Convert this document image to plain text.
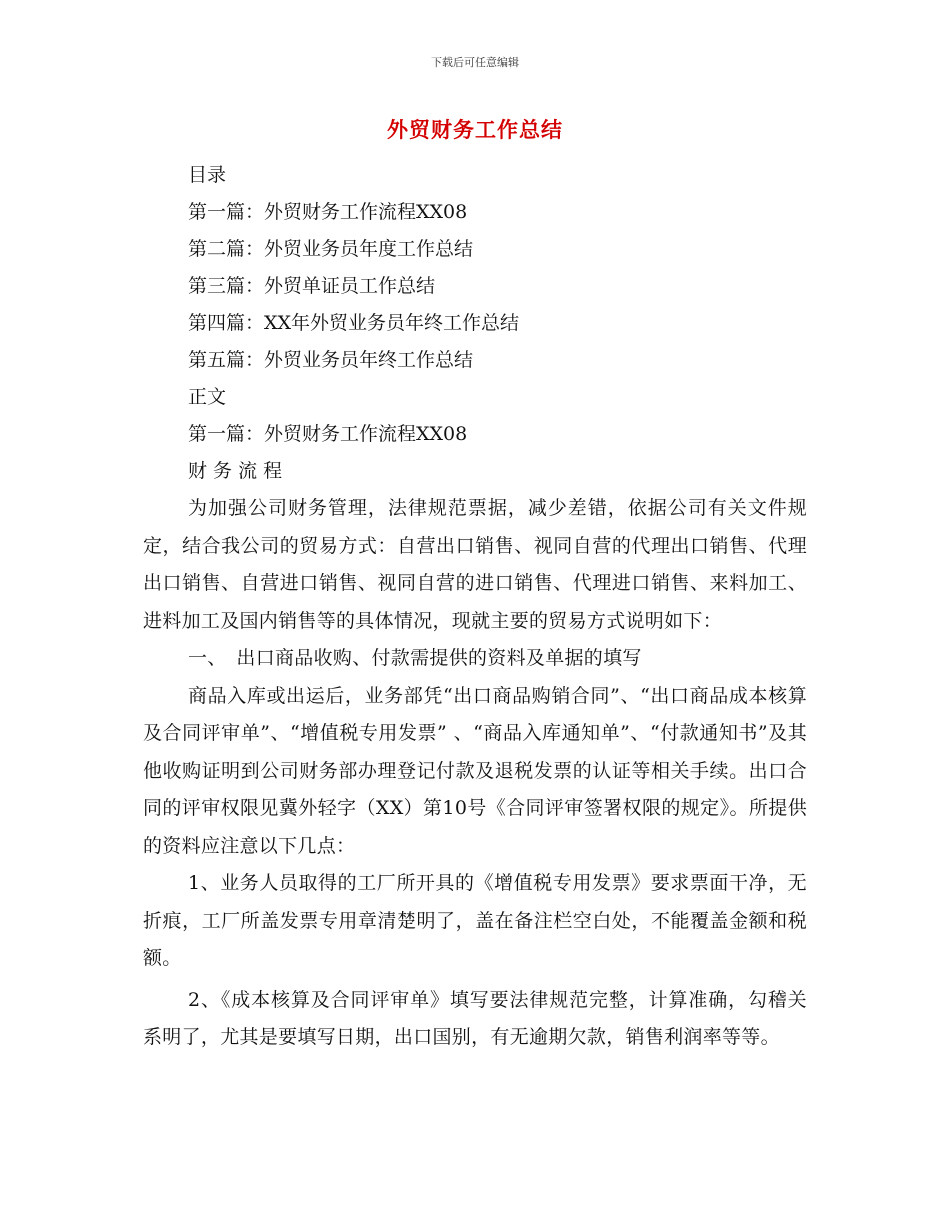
下载后可任意编辑
外贸财务工作总结
目录
第一篇：外贸财务工作流程XX08
第二篇：外贸业务员年度工作总结
第三篇：外贸单证员工作总结
第四篇：XX年外贸业务员年终工作总结
第五篇：外贸业务员年终工作总结
正文
第一篇：外贸财务工作流程XX08
财 务 流 程

为加强公司财务管理，法律规范票据，减少差错，依据公司有关文件规定，结合我公司的贸易方式：自营出口销售、视同自营的代理出口销售、代理出口销售、自营进口销售、视同自营的进口销售、代理进口销售、来料加工、进料加工及国内销售等的具体情况，现就主要的贸易方式说明如下：

一、　出口商品收购、付款需提供的资料及单据的填写

商品入库或出运后，业务部凭“出口商品购销合同”、“出口商品成本核算及合同评审单”、“增值税专用发票” 、“商品入库通知单”、“付款通知书”及其他收购证明到公司财务部办理登记付款及退税发票的认证等相关手续。出口合同的评审权限见冀外轻字（XX）第10号《合同评审签署权限的规定》。所提供的资料应注意以下几点：

1、业务人员取得的工厂所开具的《增值税专用发票》要求票面干净，无折痕，工厂所盖发票专用章清楚明了，盖在备注栏空白处，不能覆盖金额和税额。

2、《成本核算及合同评审单》填写要法律规范完整，计算准确，勾稽关系明了，尤其是要填写日期，出口国别，有无逾期欠款，销售利润率等等。
